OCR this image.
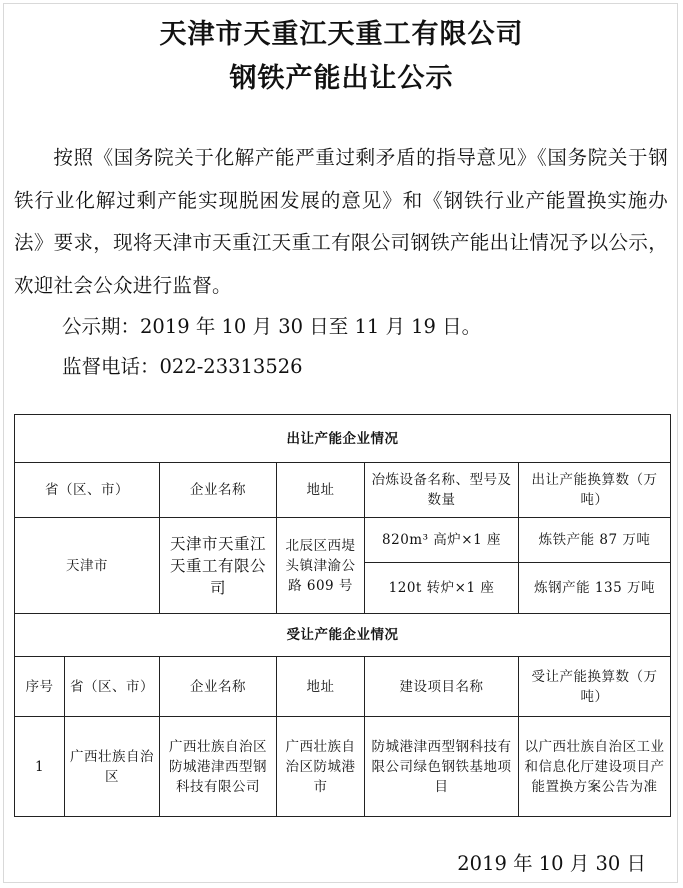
天津市天重江天重工有限公司
钢铁产能出让公示
按照《国务院关于化解产能严重过剩矛盾的指导意见》《国务院关于钢铁行业化解过剩产能实现脱困发展的意见》和《钢铁行业产能置换实施办法》要求，现将天津市天重江天重工有限公司钢铁产能出让情况予以公示，欢迎社会公众进行监督。
公示期：2019 年 10 月 30 日至 11 月 19 日。
监督电话：022-23313526
出让产能企业情况					
省（区、市）		企业名称	地址	冶炼设备名称、型号及数量	出让产能换算数（万吨）
天津市		天津市天重江天重工有限公司	北辰区西堤头镇津渝公路 609 号	820m³ 高炉×1 座	炼铁产能 87 万吨
				120t 转炉×1 座	炼钢产能 135 万吨
受让产能企业情况					
序号	省（区、市）	企业名称	地址	建设项目名称	受让产能换算数（万吨）
1	广西壮族自治区	广西壮族自治区防城港津西型钢科技有限公司	广西壮族自治区防城港市	防城港津西型钢科技有限公司绿色钢铁基地项目	以广西壮族自治区工业和信息化厅建设项目产能置换方案公告为准
2019 年 10 月 30 日
